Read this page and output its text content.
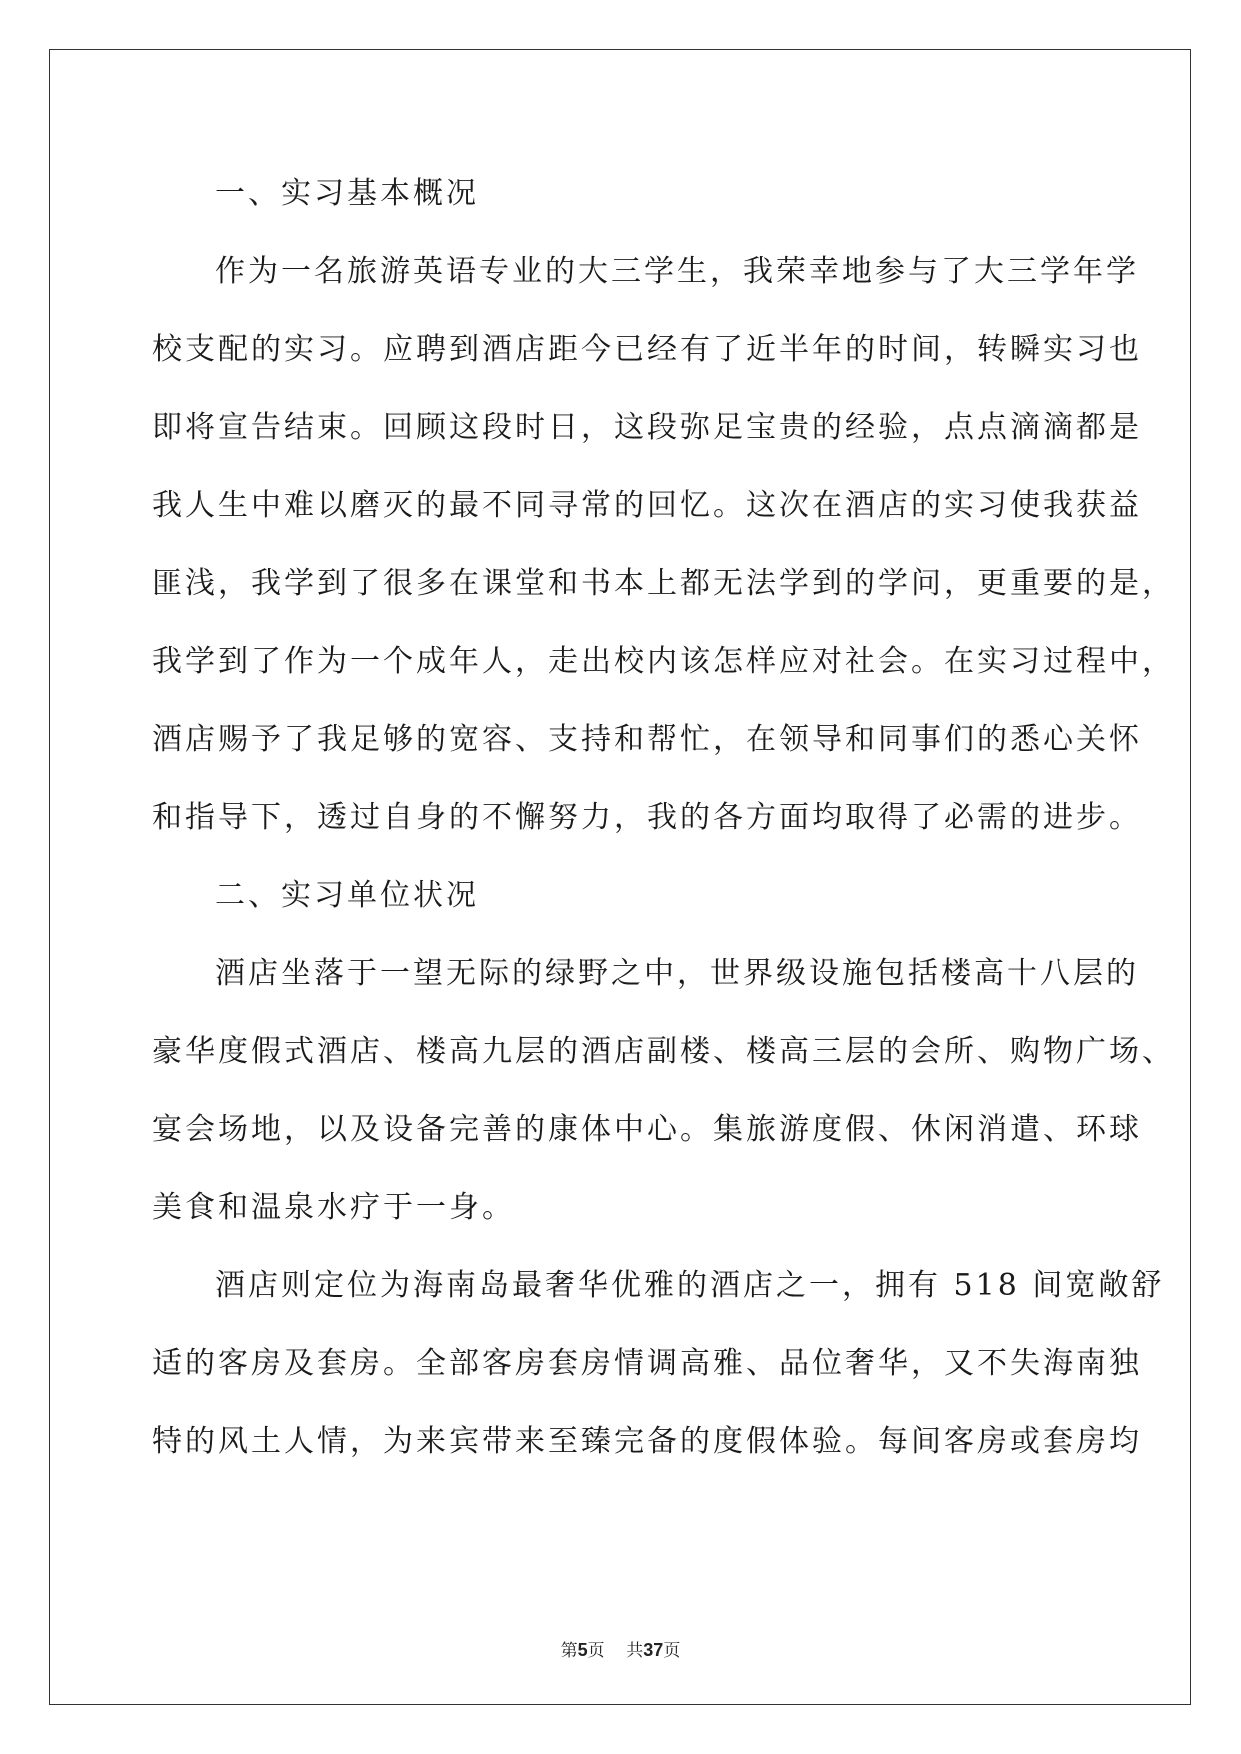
一、实习基本概况
作为一名旅游英语专业的大三学生，我荣幸地参与了大三学年学
校支配的实习。应聘到酒店距今已经有了近半年的时间，转瞬实习也
即将宣告结束。回顾这段时日，这段弥足宝贵的经验，点点滴滴都是
我人生中难以磨灭的最不同寻常的回忆。这次在酒店的实习使我获益
匪浅，我学到了很多在课堂和书本上都无法学到的学问，更重要的是，
我学到了作为一个成年人，走出校内该怎样应对社会。在实习过程中，
酒店赐予了我足够的宽容、支持和帮忙，在领导和同事们的悉心关怀
和指导下，透过自身的不懈努力，我的各方面均取得了必需的进步。
二、实习单位状况
酒店坐落于一望无际的绿野之中，世界级设施包括楼高十八层的
豪华度假式酒店、楼高九层的酒店副楼、楼高三层的会所、购物广场、
宴会场地，以及设备完善的康体中心。集旅游度假、休闲消遣、环球
美食和温泉水疗于一身。
酒店则定位为海南岛最奢华优雅的酒店之一，拥有 518 间宽敞舒
适的客房及套房。全部客房套房情调高雅、品位奢华，又不失海南独
特的风土人情，为来宾带来至臻完备的度假体验。每间客房或套房均
第5页 共37页
